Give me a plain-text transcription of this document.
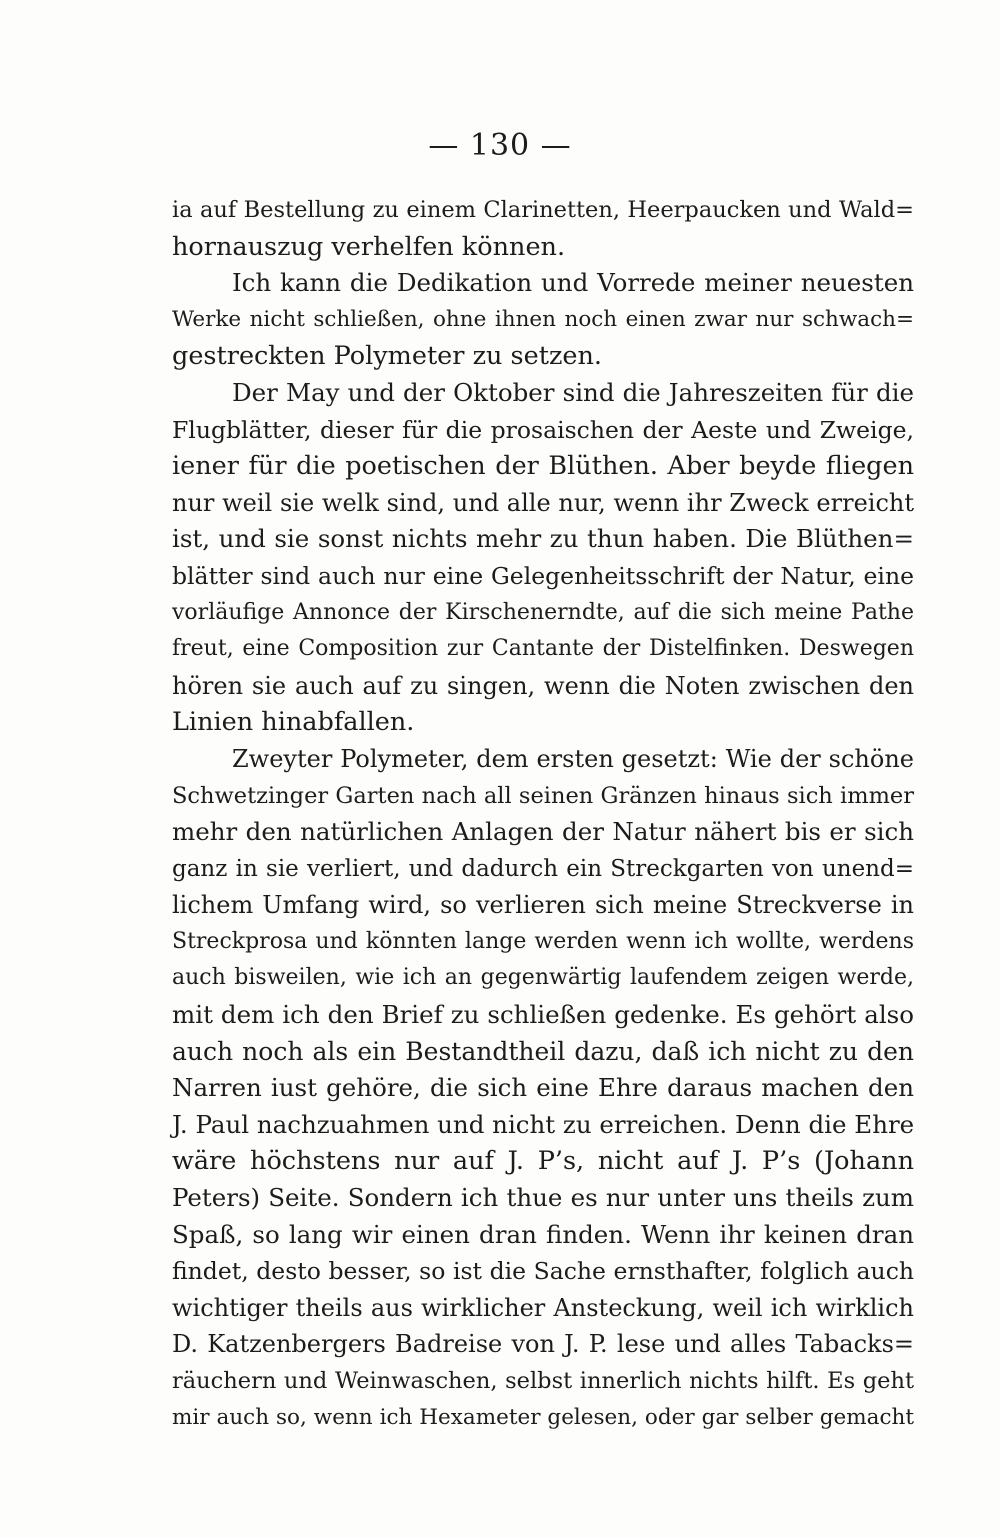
— 130 —
ia auf Bestellung zu einem Clarinetten, Heerpaucken und Wald=
hornauszug verhelfen können.
Ich kann die Dedikation und Vorrede meiner neuesten
Werke nicht schließen, ohne ihnen noch einen zwar nur schwach=
gestreckten Polymeter zu setzen.
Der May und der Oktober sind die Jahreszeiten für die
Flugblätter, dieser für die prosaischen der Aeste und Zweige,
iener für die poetischen der Blüthen. Aber beyde fliegen
nur weil sie welk sind, und alle nur, wenn ihr Zweck erreicht
ist, und sie sonst nichts mehr zu thun haben. Die Blüthen=
blätter sind auch nur eine Gelegenheitsschrift der Natur, eine
vorläufige Annonce der Kirschenerndte, auf die sich meine Pathe
freut, eine Composition zur Cantante der Distelfinken. Deswegen
hören sie auch auf zu singen, wenn die Noten zwischen den
Linien hinabfallen.
Zweyter Polymeter, dem ersten gesetzt: Wie der schöne
Schwetzinger Garten nach all seinen Gränzen hinaus sich immer
mehr den natürlichen Anlagen der Natur nähert bis er sich
ganz in sie verliert, und dadurch ein Streckgarten von unend=
lichem Umfang wird, so verlieren sich meine Streckverse in
Streckprosa und könnten lange werden wenn ich wollte, werdens
auch bisweilen, wie ich an gegenwärtig laufendem zeigen werde,
mit dem ich den Brief zu schließen gedenke. Es gehört also
auch noch als ein Bestandtheil dazu, daß ich nicht zu den
Narren iust gehöre, die sich eine Ehre daraus machen den
J. Paul nachzuahmen und nicht zu erreichen. Denn die Ehre
wäre höchstens nur auf J. P’s, nicht auf J. P’s (Johann
Peters) Seite. Sondern ich thue es nur unter uns theils zum
Spaß, so lang wir einen dran finden. Wenn ihr keinen dran
findet, desto besser, so ist die Sache ernsthafter, folglich auch
wichtiger theils aus wirklicher Ansteckung, weil ich wirklich
D. Katzenbergers Badreise von J. P. lese und alles Tabacks=
räuchern und Weinwaschen, selbst innerlich nichts hilft. Es geht
mir auch so, wenn ich Hexameter gelesen, oder gar selber gemacht
